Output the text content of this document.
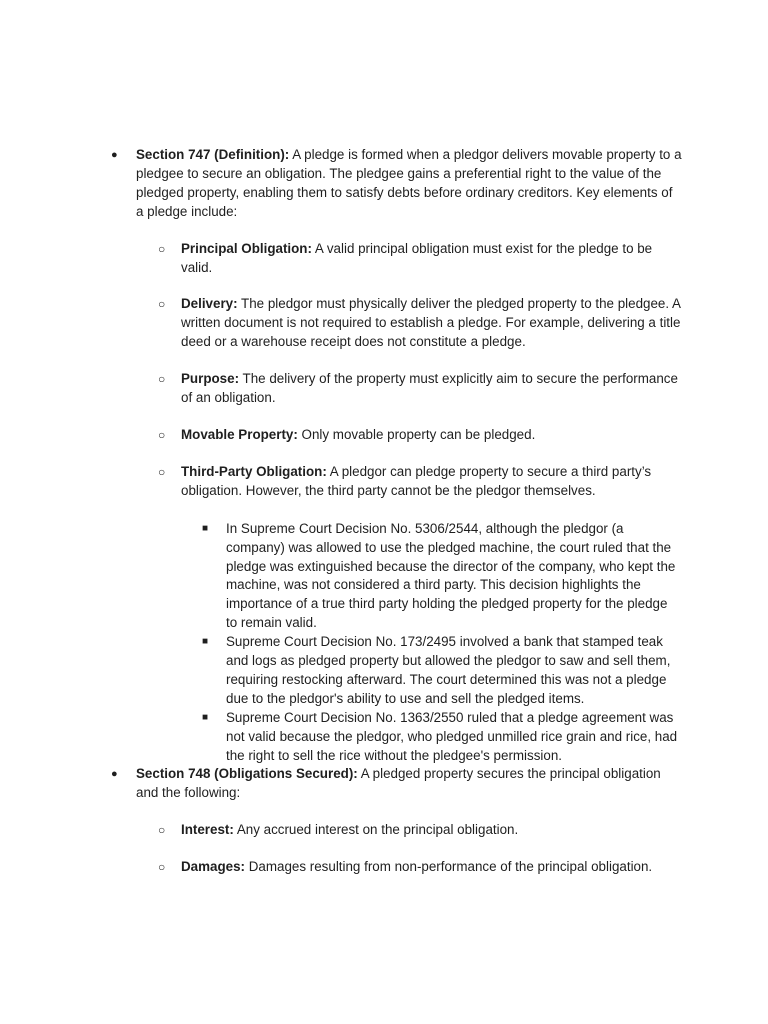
● Section 747 (Definition): A pledge is formed when a pledgor delivers movable property to a pledgee to secure an obligation. The pledgee gains a preferential right to the value of the pledged property, enabling them to satisfy debts before ordinary creditors. Key elements of a pledge include:
○ Principal Obligation: A valid principal obligation must exist for the pledge to be valid.
○ Delivery: The pledgor must physically deliver the pledged property to the pledgee. A written document is not required to establish a pledge. For example, delivering a title deed or a warehouse receipt does not constitute a pledge.
○ Purpose: The delivery of the property must explicitly aim to secure the performance of an obligation.
○ Movable Property: Only movable property can be pledged.
○ Third-Party Obligation: A pledgor can pledge property to secure a third party’s obligation. However, the third party cannot be the pledgor themselves.
■ In Supreme Court Decision No. 5306/2544, although the pledgor (a company) was allowed to use the pledged machine, the court ruled that the pledge was extinguished because the director of the company, who kept the machine, was not considered a third party. This decision highlights the importance of a true third party holding the pledged property for the pledge to remain valid.
■ Supreme Court Decision No. 173/2495 involved a bank that stamped teak and logs as pledged property but allowed the pledgor to saw and sell them, requiring restocking afterward. The court determined this was not a pledge due to the pledgor's ability to use and sell the pledged items.
■ Supreme Court Decision No. 1363/2550 ruled that a pledge agreement was not valid because the pledgor, who pledged unmilled rice grain and rice, had the right to sell the rice without the pledgee's permission.
● Section 748 (Obligations Secured): A pledged property secures the principal obligation and the following:
○ Interest: Any accrued interest on the principal obligation.
○ Damages: Damages resulting from non-performance of the principal obligation.
